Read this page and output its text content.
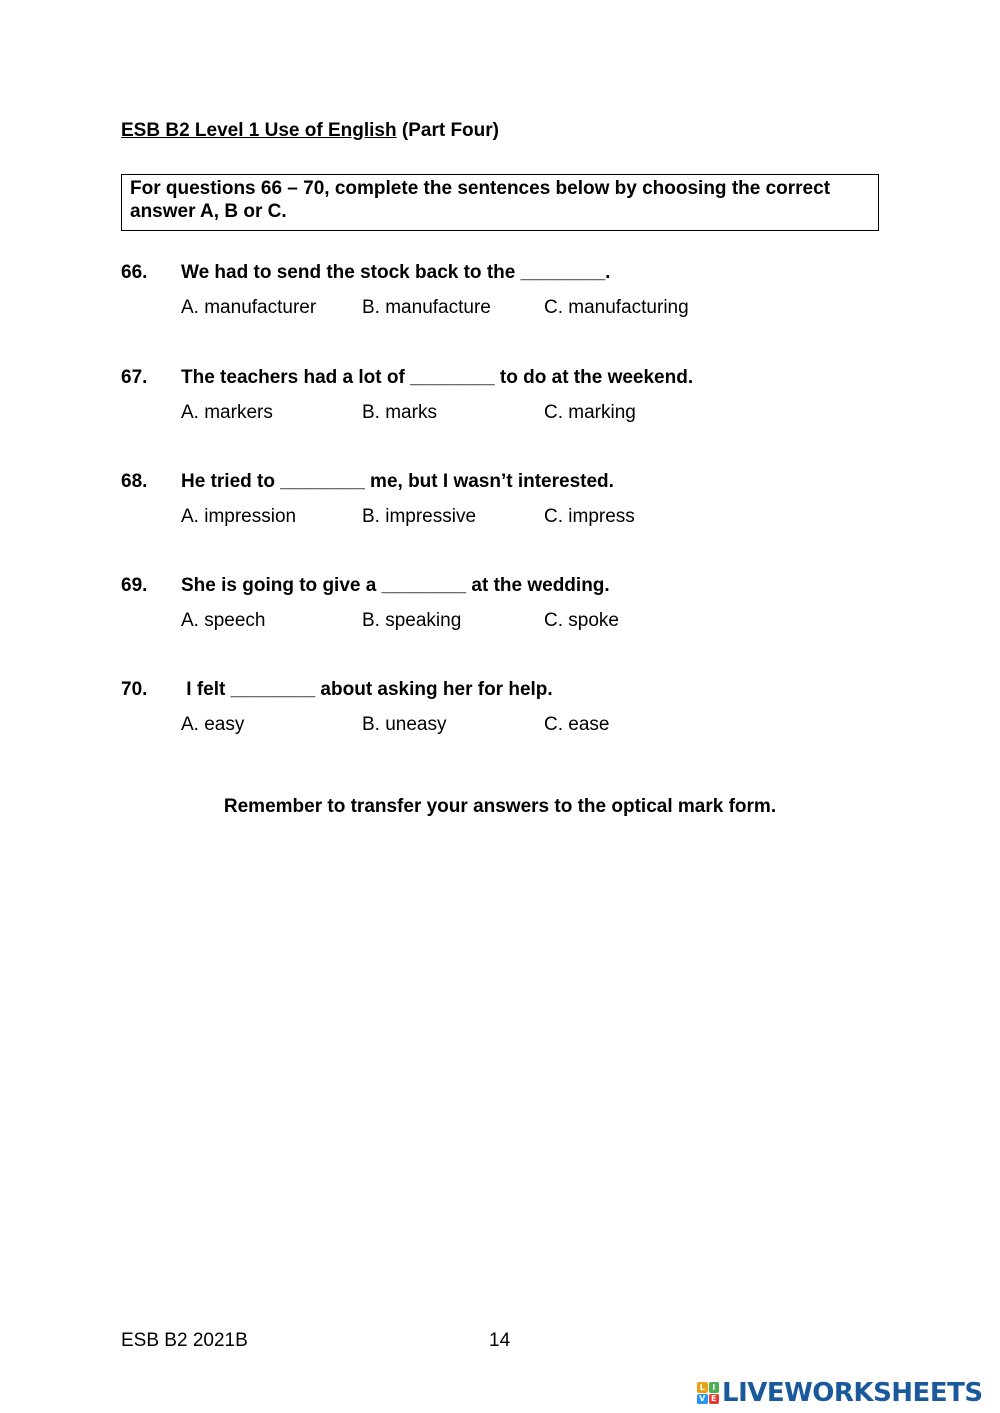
ESB B2 Level 1 Use of English (Part Four)
For questions 66 – 70, complete the sentences below by choosing the correct answer A, B or C.
66. We had to send the stock back to the ________.
A. manufacturer B. manufacture	C. manufacturing
67. The teachers had a lot of ________ to do at the weekend.
A. markers	B. marks	C. marking
68. He tried to ________ me, but I wasn’t interested.
A. impression	B. impressive	C. impress
69. She is going to give a ________ at the wedding.
A. speech	B. speaking	C. spoke
70. I felt ________ about asking her for help.
A. easy	B. uneasy	C. ease
Remember to transfer your answers to the optical mark form.
ESB B2 2021B	14
L I
V E LIVEWORKSHEETS
